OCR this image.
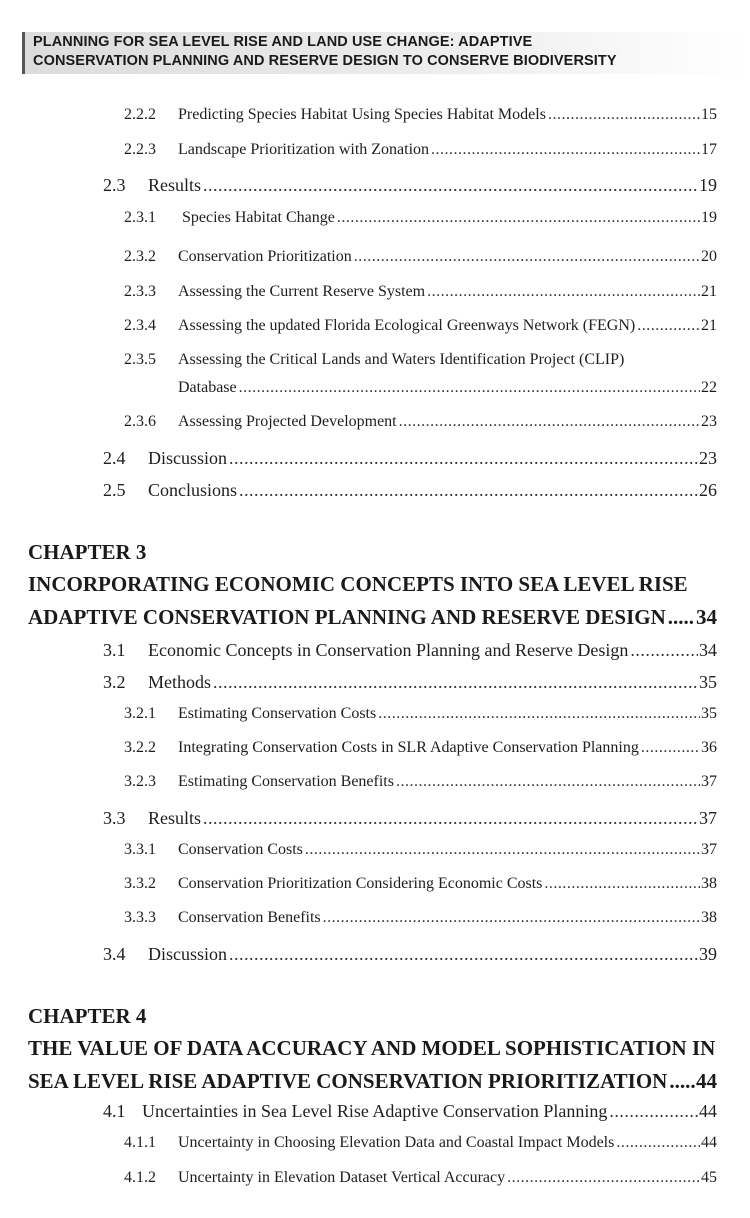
PLANNING FOR SEA LEVEL RISE AND LAND USE CHANGE: ADAPTIVE
CONSERVATION PLANNING AND RESERVE DESIGN TO CONSERVE BIODIVERSITY
2.2.2	Predicting Species Habitat Using Species Habitat Models .....	15
2.2.3	Landscape Prioritization with Zonation .....	17
2.3	Results .....	19
2.3.1	Species Habitat Change .....	19
2.3.2	Conservation Prioritization .....	20
2.3.3	Assessing the Current Reserve System .....	21
2.3.4	Assessing the updated Florida Ecological Greenways Network (FEGN) .....	21
2.3.5	Assessing the Critical Lands and Waters Identification Project (CLIP)
Database .....	22
2.3.6	Assessing Projected Development .....	23
2.4	Discussion .....	23
2.5	Conclusions .....	26
CHAPTER 3
INCORPORATING ECONOMIC CONCEPTS INTO SEA LEVEL RISE
ADAPTIVE CONSERVATION PLANNING AND RESERVE DESIGN ..... 34
3.1	Economic Concepts in Conservation Planning and Reserve Design .....	34
3.2	Methods .....	35
3.2.1	Estimating Conservation Costs .....	35
3.2.2	Integrating Conservation Costs in SLR Adaptive Conservation Planning .....	36
3.2.3	Estimating Conservation Benefits .....	37
3.3	Results .....	37
3.3.1	Conservation Costs .....	37
3.3.2	Conservation Prioritization Considering Economic Costs .....	38
3.3.3	Conservation Benefits .....	38
3.4	Discussion .....	39
CHAPTER 4
THE VALUE OF DATA ACCURACY AND MODEL SOPHISTICATION IN
SEA LEVEL RISE ADAPTIVE CONSERVATION PRIORITIZATION ..... 44
4.1 Uncertainties in Sea Level Rise Adaptive Conservation Planning .....	44
4.1.1	Uncertainty in Choosing Elevation Data and Coastal Impact Models .....	44
4.1.2	Uncertainty in Elevation Dataset Vertical Accuracy .....	45
